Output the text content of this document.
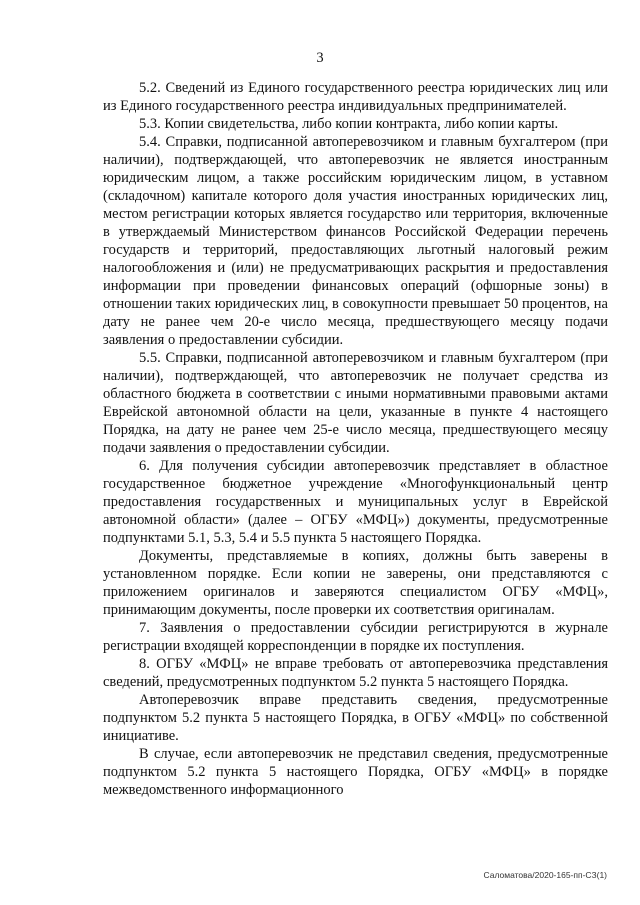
3

5.2. Сведений из Единого государственного реестра юридических лиц или из Единого государственного реестра индивидуальных предпринимателей.

5.3. Копии свидетельства, либо копии контракта, либо копии карты.

5.4. Справки, подписанной автоперевозчиком и главным бухгалтером (при наличии), подтверждающей, что автоперевозчик не является иностранным юридическим лицом, а также российским юридическим лицом, в уставном (складочном) капитале которого доля участия иностранных юридических лиц, местом регистрации которых является государство или территория, включенные в утверждаемый Министерством финансов Российской Федерации перечень государств и территорий, предоставляющих льготный налоговый режим налогообложения и (или) не предусматривающих раскрытия и предоставления информации при проведении финансовых операций (офшорные зоны) в отношении таких юридических лиц, в совокупности превышает 50 процентов, на дату не ранее чем 20-е число месяца, предшествующего месяцу подачи заявления о предоставлении субсидии.

5.5. Справки, подписанной автоперевозчиком и главным бухгалтером (при наличии), подтверждающей, что автоперевозчик не получает средства из областного бюджета в соответствии с иными нормативными правовыми актами Еврейской автономной области на цели, указанные в пункте 4 настоящего Порядка, на дату не ранее чем 25-е число месяца, предшествующего месяцу подачи заявления о предоставлении субсидии.

6. Для получения субсидии автоперевозчик представляет в областное государственное бюджетное учреждение «Многофункциональный центр предоставления государственных и муниципальных услуг в Еврейской автономной области» (далее – ОГБУ «МФЦ») документы, предусмотренные подпунктами 5.1, 5.3, 5.4 и 5.5 пункта 5 настоящего Порядка.

Документы, представляемые в копиях, должны быть заверены в установленном порядке. Если копии не заверены, они представляются с приложением оригиналов и заверяются специалистом ОГБУ «МФЦ», принимающим документы, после проверки их соответствия оригиналам.

7. Заявления о предоставлении субсидии регистрируются в журнале регистрации входящей корреспонденции в порядке их поступления.

8. ОГБУ «МФЦ» не вправе требовать от автоперевозчика представления сведений, предусмотренных подпунктом 5.2 пункта 5 настоящего Порядка.

Автоперевозчик вправе представить сведения, предусмотренные подпунктом 5.2 пункта 5 настоящего Порядка, в ОГБУ «МФЦ» по собственной инициативе.

В случае, если автоперевозчик не представил сведения, предусмотренные подпунктом 5.2 пункта 5 настоящего Порядка, ОГБУ «МФЦ» в порядке межведомственного информационного

Саломатова/2020-165-пп-СЗ(1)
